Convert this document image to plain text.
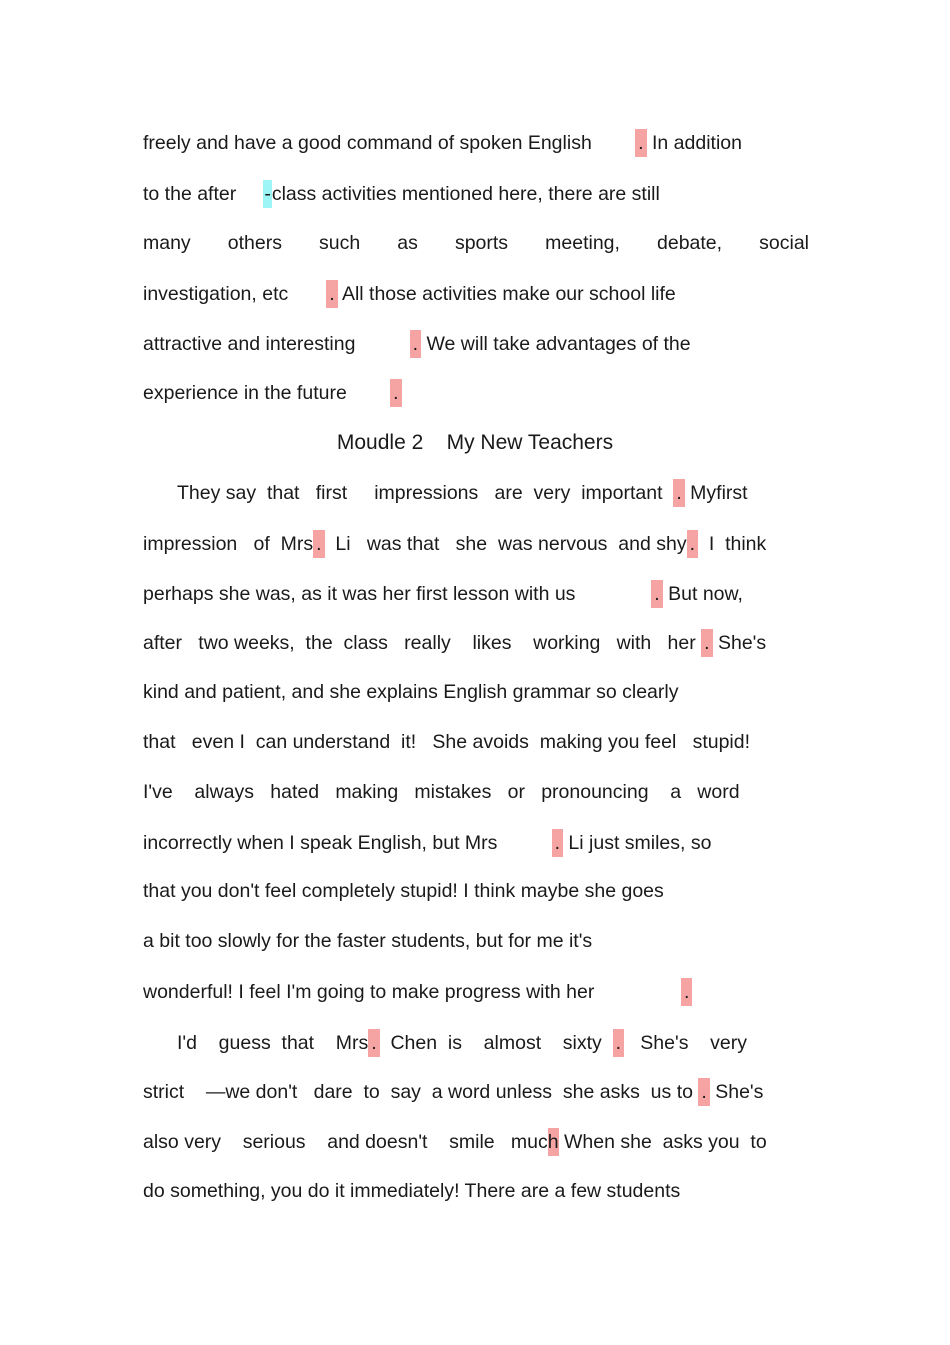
freely and have a good command of spoken English        . In addition
to the after     -class activities mentioned here, there are still
many others such as sports meeting, debate, social
investigation, etc       . All those activities make our school life
attractive and interesting          . We will take advantages of the
experience in the future        .
Moudle 2    My New Teachers
They say  that   first     impressions   are  very  important  . Myfirst
impression   of  Mrs .  Li   was that   she  was nervous  and shy .  I  think
perhaps she was, as it was her first lesson with us              . But now,
after   two weeks,  the  class   really    likes    working   with   her . She's
kind and patient, and she explains English grammar so clearly
that   even I  can understand  it!   She avoids  making you feel   stupid!
I've    always   hated   making   mistakes   or   pronouncing    a   word
incorrectly when I speak English, but Mrs          . Li just smiles, so
that you don't feel completely stupid! I think maybe she goes
a bit too slowly for the faster students, but for me it's
wonderful! I feel I'm going to make progress with her                .
I'd    guess  that    Mrs .  Chen  is    almost    sixty  .   She's    very
strict    —we don't   dare  to  say  a word unless  she asks  us to . She's
also very    serious    and doesn't    smile   much When she  asks you  to
do something, you do it immediately! There are a few students
